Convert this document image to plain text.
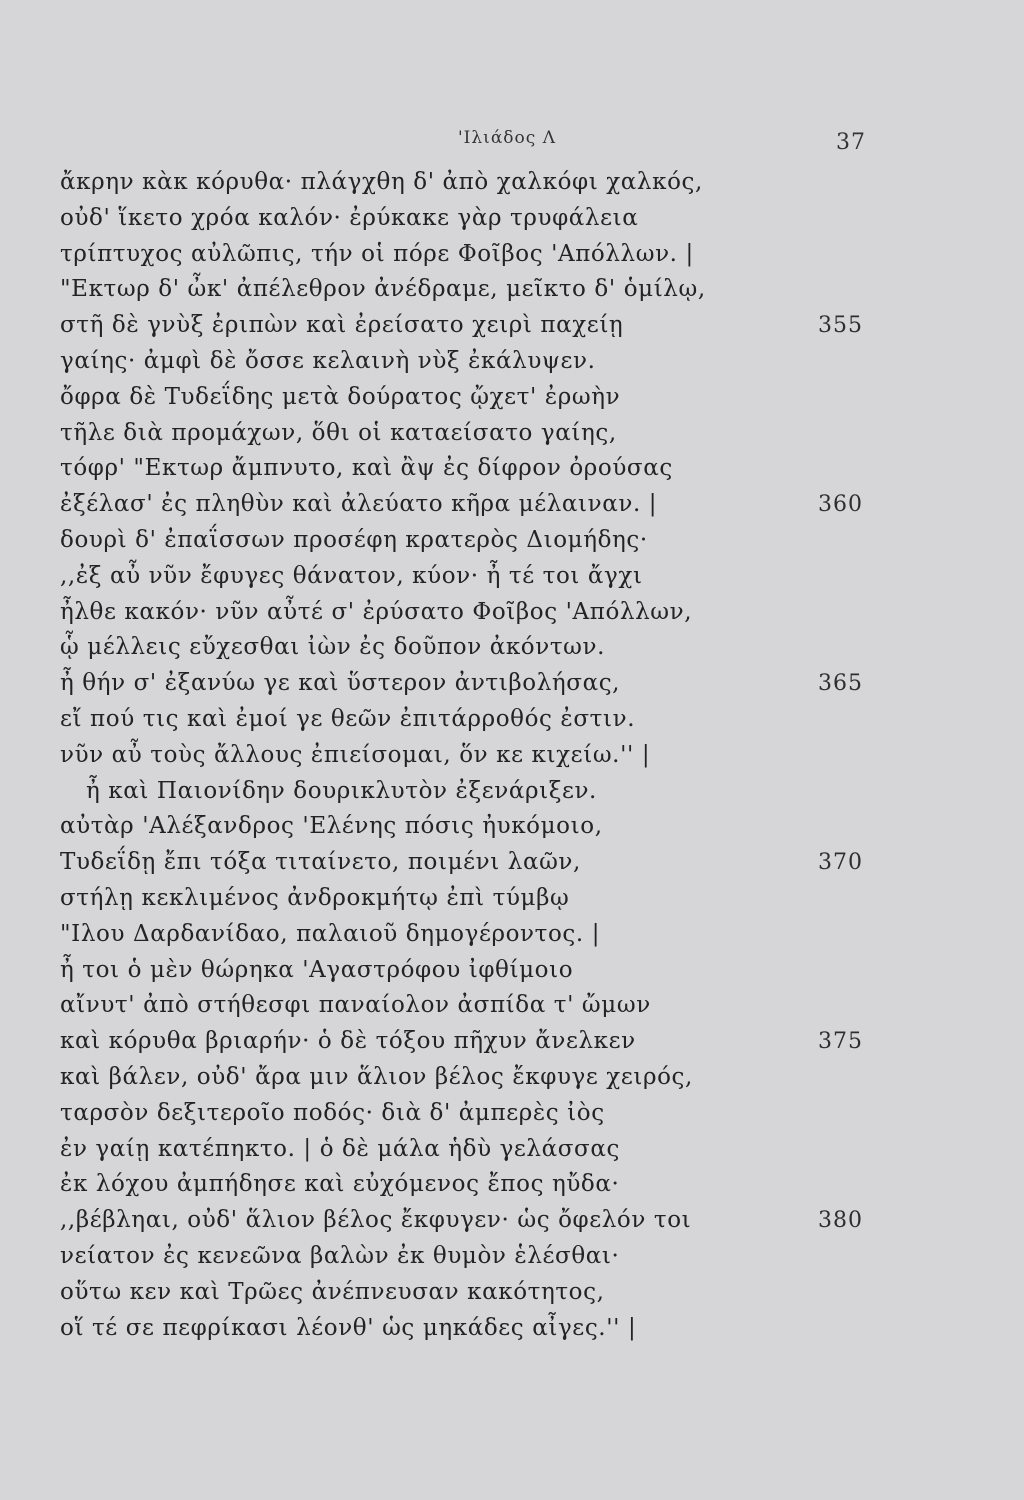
'Ιλιάδος Λ	37
ἄκρην κὰκ κόρυθα· πλάγχθη δ' ἀπὸ χαλκόφι χαλκός,
οὐδ' ἵκετο χρόα καλόν· ἐρύκακε γὰρ τρυφάλεια
τρίπτυχος αὐλῶπις, τήν οἱ πόρε Φοῖβος 'Απόλλων. |
"Εκτωρ δ' ὦκ' ἀπέλεθρον ἀνέδραμε, μεῖκτο δ' ὁμίλῳ,
στῆ δὲ γνὺξ ἐριπὼν καὶ ἐρείσατο χειρὶ παχείῃ	355
γαίης· ἀμφὶ δὲ ὄσσε κελαινὴ νὺξ ἐκάλυψεν.
ὄφρα δὲ Τυδεΐδης μετὰ δούρατος ᾤχετ' ἐρωὴν
τῆλε διὰ προμάχων, ὅθι οἱ καταείσατο γαίης,
τόφρ' "Εκτωρ ἄμπνυτο, καὶ ἂψ ἐς δίφρον ὀρούσας
ἐξέλασ' ἐς πληθὺν καὶ ἀλεύατο κῆρα μέλαιναν. |	360
δουρὶ δ' ἐπαΐσσων προσέφη κρατερὸς Διομήδης·
,,ἐξ αὖ νῦν ἔφυγες θάνατον, κύον· ἦ τέ τοι ἄγχι
ἦλθε κακόν· νῦν αὖτέ σ' ἐρύσατο Φοῖβος 'Απόλλων,
ᾧ μέλλεις εὔχεσθαι ἰὼν ἐς δοῦπον ἀκόντων.
ἦ θήν σ' ἐξανύω γε καὶ ὕστερον ἀντιβολήσας,	365
εἴ πού τις καὶ ἐμοί γε θεῶν ἐπιτάρροθός ἐστιν.
νῦν αὖ τοὺς ἄλλους ἐπιείσομαι, ὅν κε κιχείω.'' |
ἦ καὶ Παιονίδην δουρικλυτὸν ἐξενάριξεν.
αὐτὰρ 'Αλέξανδρος 'Ελένης πόσις ἠυκόμοιο,
Τυδεΐδῃ ἔπι τόξα τιταίνετο, ποιμένι λαῶν,	370
στήλῃ κεκλιμένος ἀνδροκμήτῳ ἐπὶ τύμβῳ
"Ιλου Δαρδανίδαο, παλαιοῦ δημογέροντος. |
ἦ τοι ὁ μὲν θώρηκα 'Αγαστρόφου ἰφθίμοιο
αἴνυτ' ἀπὸ στήθεσφι παναίολον ἀσπίδα τ' ὤμων
καὶ κόρυθα βριαρήν· ὁ δὲ τόξου πῆχυν ἄνελκεν	375
καὶ βάλεν, οὐδ' ἄρα μιν ἅλιον βέλος ἔκφυγε χειρός,
ταρσὸν δεξιτεροῖο ποδός· διὰ δ' ἀμπερὲς ἰὸς
ἐν γαίῃ κατέπηκτο. | ὁ δὲ μάλα ἡδὺ γελάσσας
ἐκ λόχου ἀμπήδησε καὶ εὐχόμενος ἔπος ηὔδα·
,,βέβληαι, οὐδ' ἅλιον βέλος ἔκφυγεν· ὡς ὄφελόν τοι	380
νείατον ἐς κενεῶνα βαλὼν ἐκ θυμὸν ἑλέσθαι·
οὕτω κεν καὶ Τρῶες ἀνέπνευσαν κακότητος,
οἵ τέ σε πεφρίκασι λέονθ' ὡς μηκάδες αἶγες.'' |
